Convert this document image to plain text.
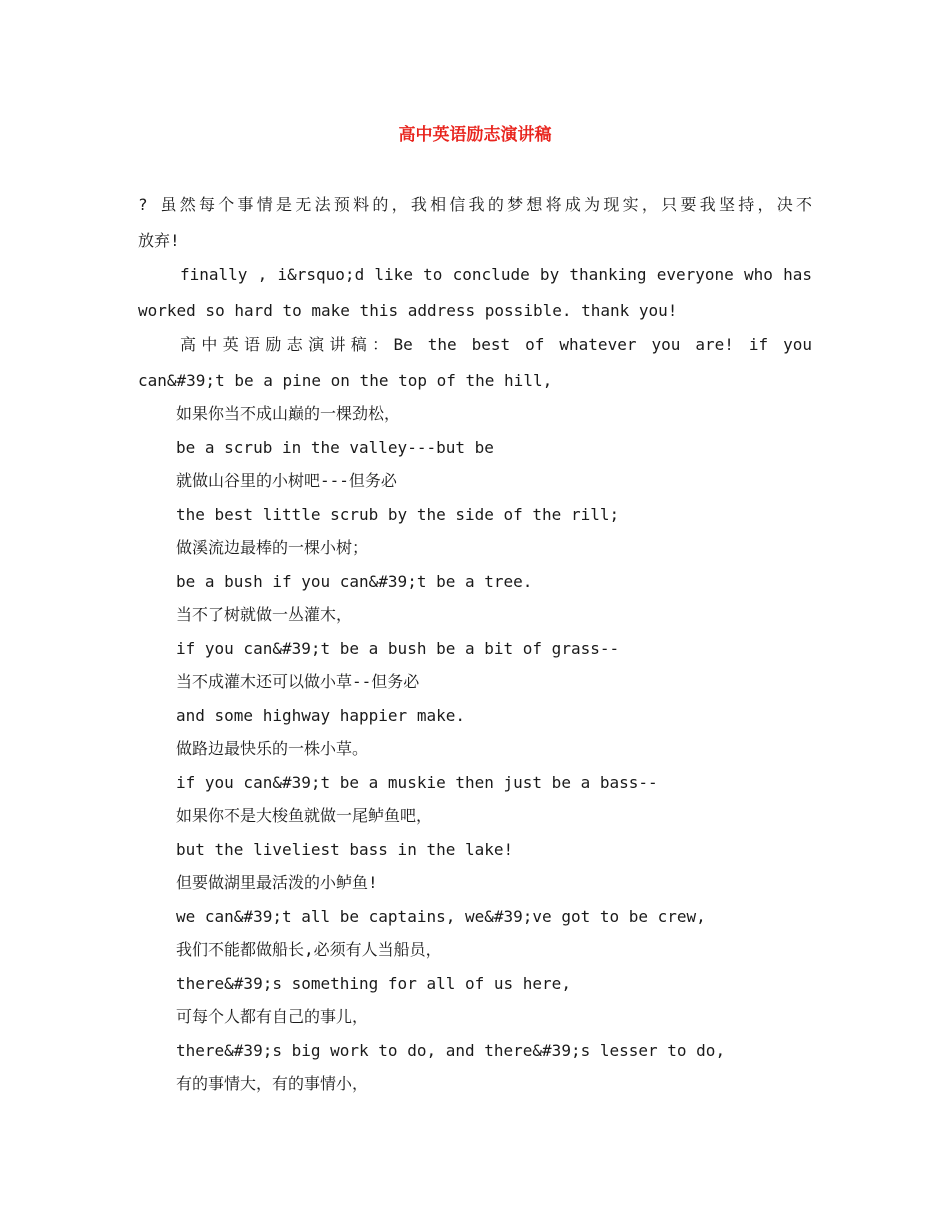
高中英语励志演讲稿
? 虽然每个事情是无法预料的，我相信我的梦想将成为现实，只要我坚持，决不
放弃!
finally , i&rsquo;d like to conclude by thanking everyone who has
worked so hard to make this address possible. thank you!
高中英语励志演讲稿：Be the best of whatever you are! if you
can&#39;t be a pine on the top of the hill,
如果你当不成山巅的一棵劲松，
be a scrub in the valley---but be
就做山谷里的小树吧---但务必
the best little scrub by the side of the rill;
做溪流边最棒的一棵小树；
be a bush if you can&#39;t be a tree.
当不了树就做一丛灌木，
if you can&#39;t be a bush be a bit of grass--
当不成灌木还可以做小草--但务必
and some highway happier make.
做路边最快乐的一株小草。
if you can&#39;t be a muskie then just be a bass--
如果你不是大梭鱼就做一尾鲈鱼吧，
but the liveliest bass in the lake!
但要做湖里最活泼的小鲈鱼!
we can&#39;t all be captains, we&#39;ve got to be crew,
我们不能都做船长,必须有人当船员，
there&#39;s something for all of us here,
可每个人都有自己的事儿，
there&#39;s big work to do, and there&#39;s lesser to do,
有的事情大，有的事情小，
